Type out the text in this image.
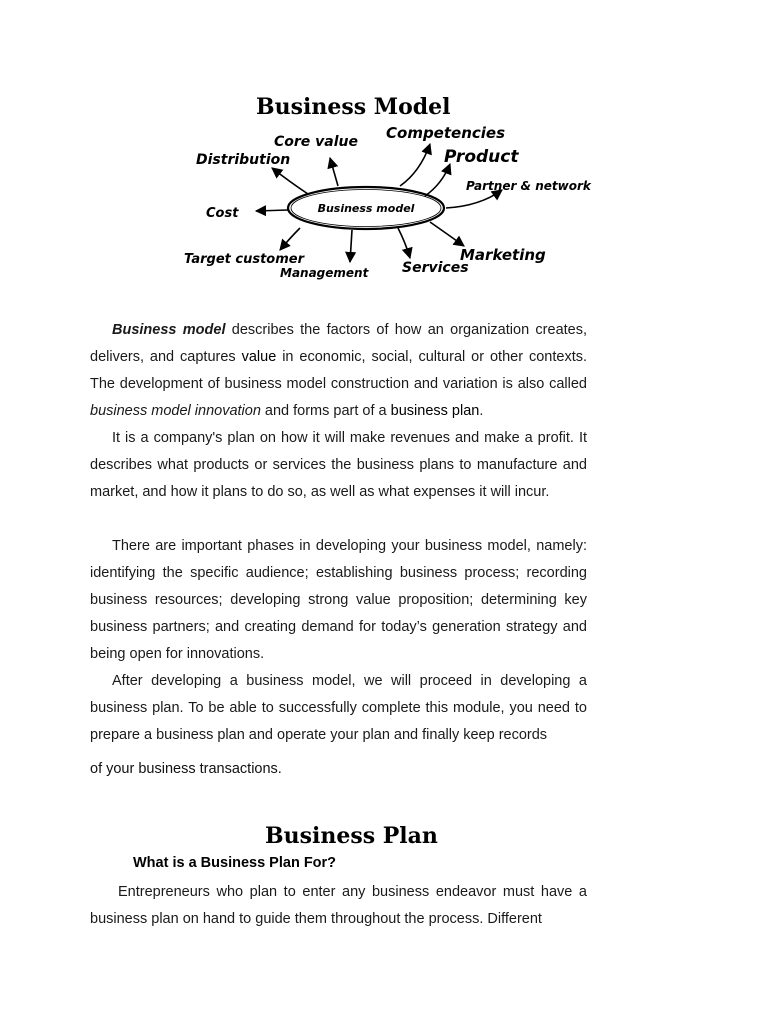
Business Model
Business model
Core value Competencies
Distribution	Product
Partner & network
Cost
Target customer
Management Services
Marketing

Business model describes the factors of how an organization creates, delivers, and captures value in economic, social, cultural or other contexts. The development of business model construction and variation is also called business model innovation and forms part of a business plan.

It is a company's plan on how it will make revenues and make a profit. It describes what products or services the business plans to manufacture and market, and how it plans to do so, as well as what expenses it will incur.

There are important phases in developing your business model, namely: identifying the specific audience; establishing business process; recording business resources; developing strong value proposition; determining key business partners; and creating demand for today’s generation strategy and being open for innovations.

After developing a business model, we will proceed in developing a business plan. To be able to successfully complete this module, you need to prepare a business plan and operate your plan and finally keep records

of your business transactions.

Business Plan

What is a Business Plan For?

Entrepreneurs who plan to enter any business endeavor must have a business plan on hand to guide them throughout the process. Different
